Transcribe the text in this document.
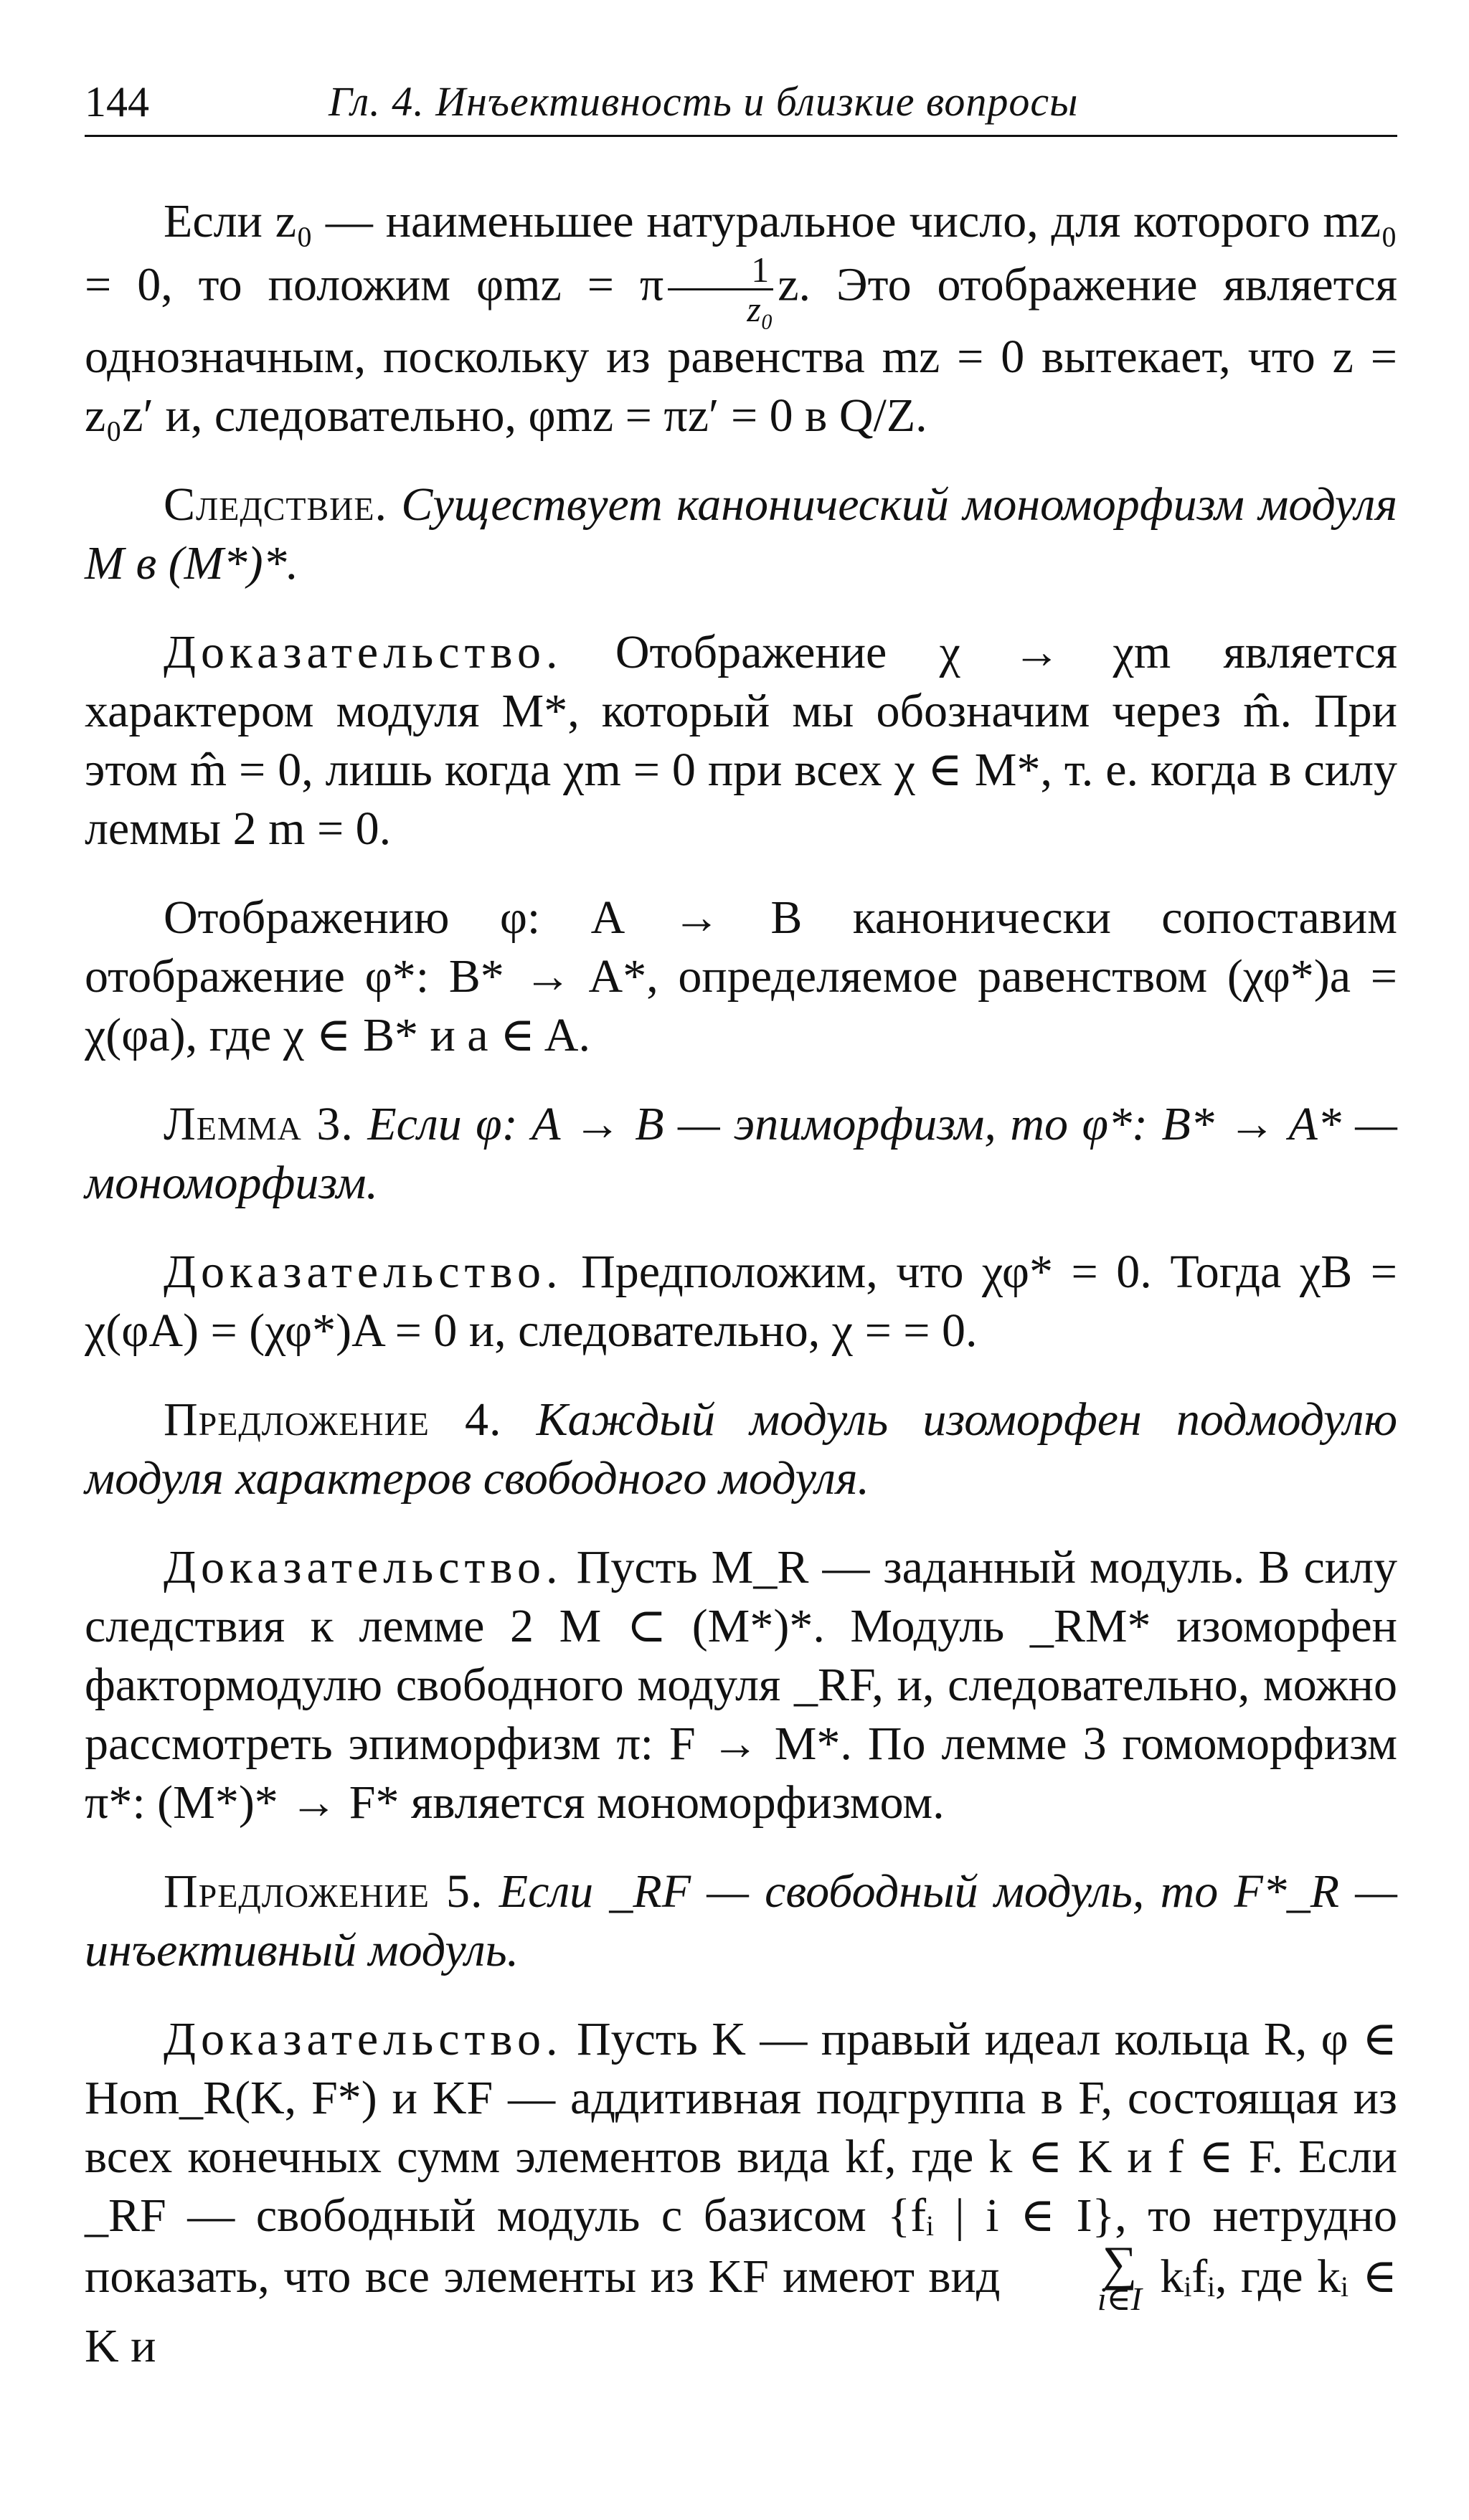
144	Гл. 4. Инъективность и близкие вопросы

Если z₀ — наименьшее натуральное число, для которого mz₀ = 0, то положим φmz = π $\frac{1}{\text{z₀}} z$. Это отображение является однозначным, поскольку из равенства mz = 0 вытекает, что z = z₀z′ и, следовательно, φmz = πz′ = 0 в Q/Z.

Следствие. Существует канонический мономорфизм модуля M в (M*)*.

Доказательство. Отображение χ → χm является характером модуля M*, который мы обозначим через m̂. При этом m̂ = 0, лишь когда χm = 0 при всех χ ∈ M*, т. е. когда в силу леммы 2 m = 0.

Отображению φ: A → B канонически сопоставим отображение φ*: B* → A*, определяемое равенством (χφ*)a = χ(φa), где χ ∈ B* и a ∈ A.

Лемма 3. Если φ: A → B — эпиморфизм, то φ*: B* → A* — мономорфизм.

Доказательство. Предположим, что χφ* = 0. Тогда χB = χ(φA) = (χφ*)A = 0 и, следовательно, χ = = 0.

Предложение 4. Каждый модуль изоморфен подмодулю модуля характеров свободного модуля.

Доказательство. Пусть M_R — заданный модуль. В силу следствия к лемме 2 M ⊂ (M*)*. Модуль _RM* изоморфен фактормодулю свободного модуля _RF, и, следовательно, можно рассмотреть эпиморфизм π: F → M*. По лемме 3 гомоморфизм π*: (M*)* → F* является мономорфизмом.

Предложение 5. Если _RF — свободный модуль, то F*_R — инъективный модуль.

Доказательство. Пусть K — правый идеал кольца R, φ ∈ Hom_R(K, F*) и KF — аддитивная подгруппа в F, состоящая из всех конечных сумм элементов вида kf, где k ∈ K и f ∈ F. Если _RF — свободный модуль с базисом {fᵢ | i ∈ I}, то нетрудно показать, что все элементы из KF имеют вид	∑
i∈I kᵢfᵢ, где kᵢ ∈ K и
